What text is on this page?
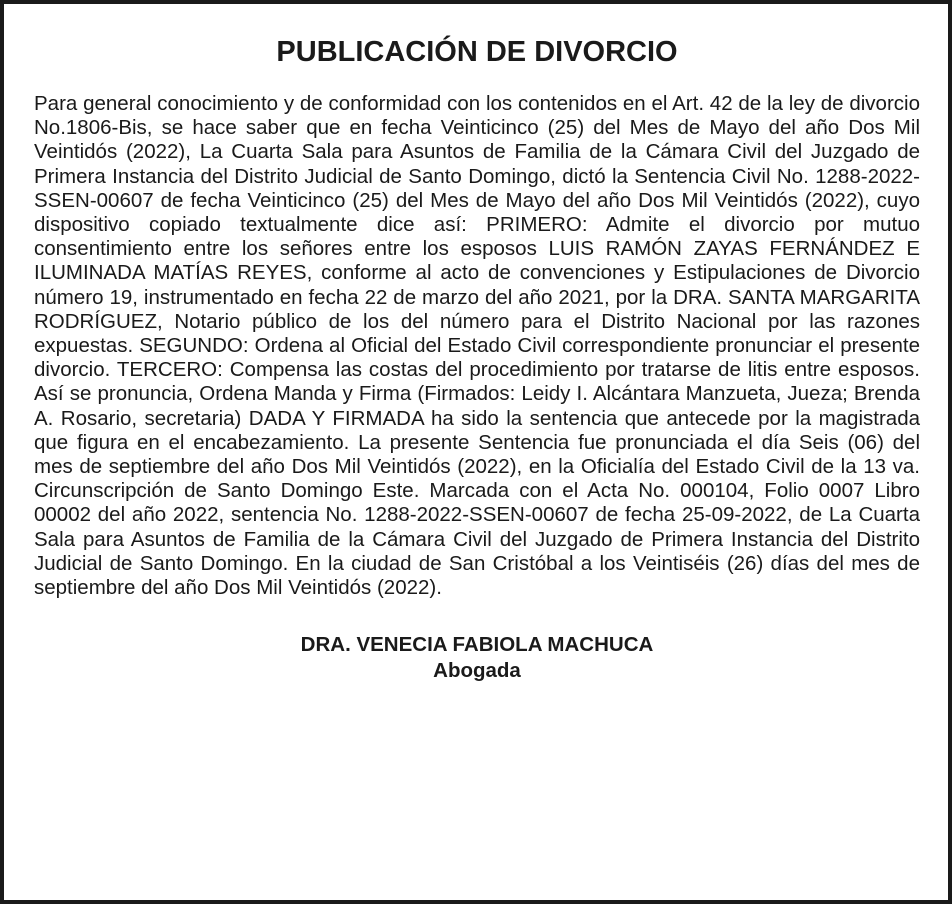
PUBLICACIÓN DE DIVORCIO

Para general conocimiento y de conformidad con los contenidos en el Art. 42 de la ley de divorcio No.1806-Bis, se hace saber que en fecha Veinticinco (25) del Mes de Mayo del año Dos Mil Veintidós (2022), La Cuarta Sala para Asuntos de Familia de la Cámara Civil del Juzgado de Primera Instancia del Distrito Judicial de Santo Domingo, dictó la Sentencia Civil No. 1288-2022-SSEN-00607 de fecha Veinticinco (25) del Mes de Mayo del año Dos Mil Veintidós (2022), cuyo dispositivo copiado textualmente dice así: PRIMERO: Admite el divorcio por mutuo consentimiento entre los señores entre los esposos LUIS RAMÓN ZAYAS FERNÁNDEZ E ILUMINADA MATÍAS REYES, conforme al acto de convenciones y Estipulaciones de Divorcio número 19, instrumentado en fecha 22 de marzo del año 2021, por la DRA. SANTA MARGARITA RODRÍGUEZ, Notario público de los del número para el Distrito Nacional por las razones expuestas. SEGUNDO: Ordena al Oficial del Estado Civil correspondiente pronunciar el presente divorcio. TERCERO: Compensa las costas del procedimiento por tratarse de litis entre esposos. Así se pronuncia, Ordena Manda y Firma (Firmados: Leidy I. Alcántara Manzueta, Jueza; Brenda A. Rosario, secretaria) DADA Y FIRMADA ha sido la sentencia que antecede por la magistrada que figura en el encabezamiento. La presente Sentencia fue pronunciada el día Seis (06) del mes de septiembre del año Dos Mil Veintidós (2022), en la Oficialía del Estado Civil de la 13 va. Circunscripción de Santo Domingo Este. Marcada con el Acta No. 000104, Folio 0007 Libro 00002 del año 2022, sentencia No. 1288-2022-SSEN-00607 de fecha 25-09-2022, de La Cuarta Sala para Asuntos de Familia de la Cámara Civil del Juzgado de Primera Instancia del Distrito Judicial de Santo Domingo. En la ciudad de San Cristóbal a los Veintiséis (26) días del mes de septiembre del año Dos Mil Veintidós (2022).

DRA. VENECIA FABIOLA MACHUCA
Abogada
